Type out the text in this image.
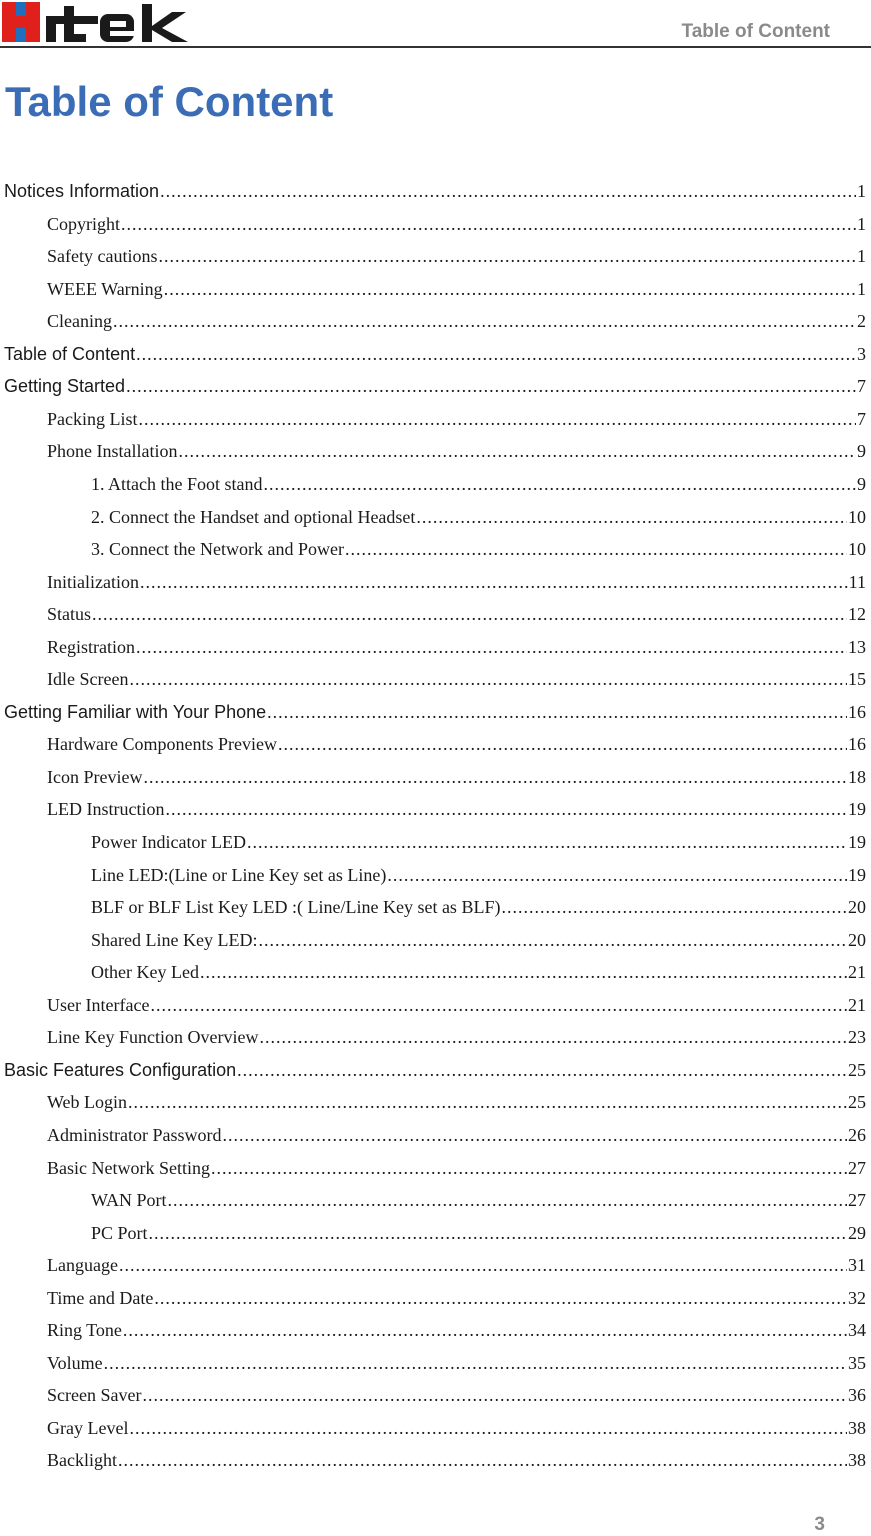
Table of Content
Table of Content
Notices Information .....	1
Copyright .....	1
Safety cautions .....	1
WEEE Warning .....	1
Cleaning .....	2
Table of Content .....	3
Getting Started .....	7
Packing List .....	7
Phone Installation .....	9
1. Attach the Foot stand .....	9
2. Connect the Handset and optional Headset .....	10
3. Connect the Network and Power .....	10
Initialization .....	11
Status .....	12
Registration .....	13
Idle Screen .....	15
Getting Familiar with Your Phone .....	16
Hardware Components Preview .....	16
Icon Preview .....	18
LED Instruction .....	19
Power Indicator LED .....	19
Line LED:(Line or Line Key set as Line) .....	19
BLF or BLF List Key LED :( Line/Line Key set as BLF) .....	20
Shared Line Key LED: .....	20
Other Key Led .....	21
User Interface .....	21
Line Key Function Overview .....	23
Basic Features Configuration .....	25
Web Login .....	25
Administrator Password .....	26
Basic Network Setting .....	27
WAN Port .....	27
PC Port .....	29
Language .....	31
Time and Date .....	32
Ring Tone .....	34
Volume .....	35
Screen Saver .....	36
Gray Level .....	38
Backlight .....	38
3
